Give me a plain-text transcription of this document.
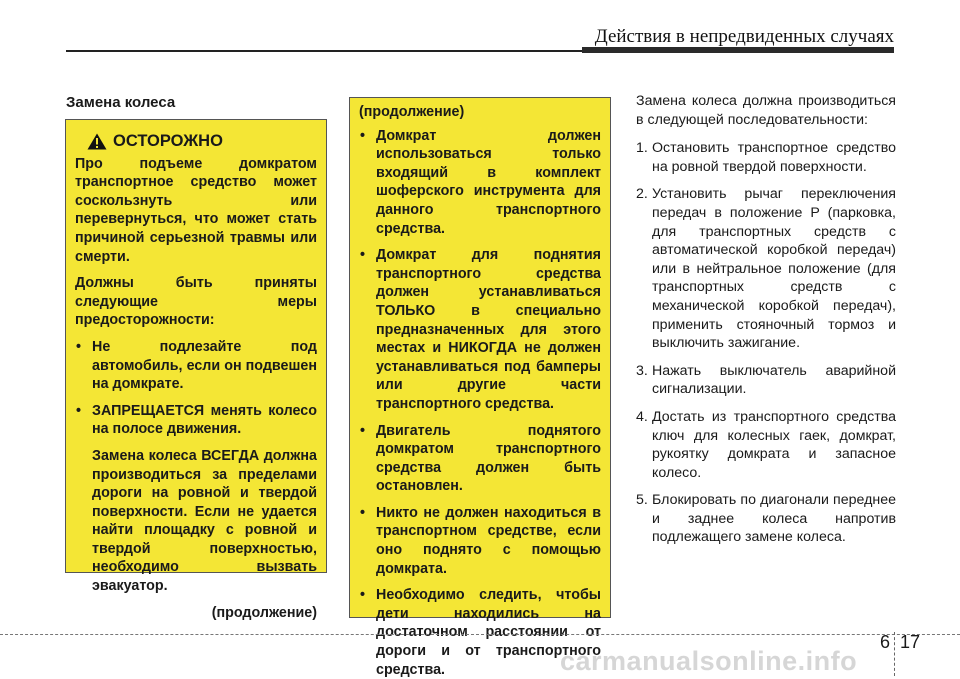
Действия в непредвиденных случаях
Замена колеса
ОСТОРОЖНО

Про подъеме домкратом транспортное средство может соскользнуть или перевернуться, что может стать причиной серьезной травмы или смерти.

Должны быть приняты следующие меры предосторожности:

• Не подлезайте под автомобиль, если он подвешен на домкрате.
• ЗАПРЕЩАЕТСЯ менять колесо на полосе движения.

Замена колеса ВСЕГДА должна производиться за пределами дороги на ровной и твердой поверхности. Если не удается найти площадку с ровной и твердой поверхностью, необходимо вызвать эвакуатор.

(продолжение)

(продолжение)

• Домкрат должен использоваться только входящий в комплект шоферского инструмента для данного транспортного средства.
• Домкрат для поднятия транспортного средства должен устанавливаться ТОЛЬКО в специально предназначенных для этого местах и НИКОГДА не должен устанавливаться под бамперы или другие части транспортного средства.
• Двигатель поднятого домкратом транспортного средства должен быть остановлен.
• Никто не должен находиться в транспортном средстве, если оно поднято с помощью домкрата.
• Необходимо следить, чтобы дети находились на достаточном расстоянии от дороги и от транспортного средства.

Замена колеса должна производиться в следующей последовательности:

1. Остановить транспортное средство на ровной твердой поверхности.
2. Установить рычаг переключения передач в положение P (парковка, для транспортных средств с автоматической коробкой передач) или в нейтральное положение (для транспортных средств с механической коробкой передач), применить стояночный тормоз и выключить зажигание.
3. Нажать выключатель аварийной сигнализации.
4. Достать из транспортного средства ключ для колесных гаек, домкрат, рукоятку домкрата и запасное колесо.
5. Блокировать по диагонали переднее и заднее колеса напротив подлежащего замене колеса.
6 17
carmanualsonline.info
